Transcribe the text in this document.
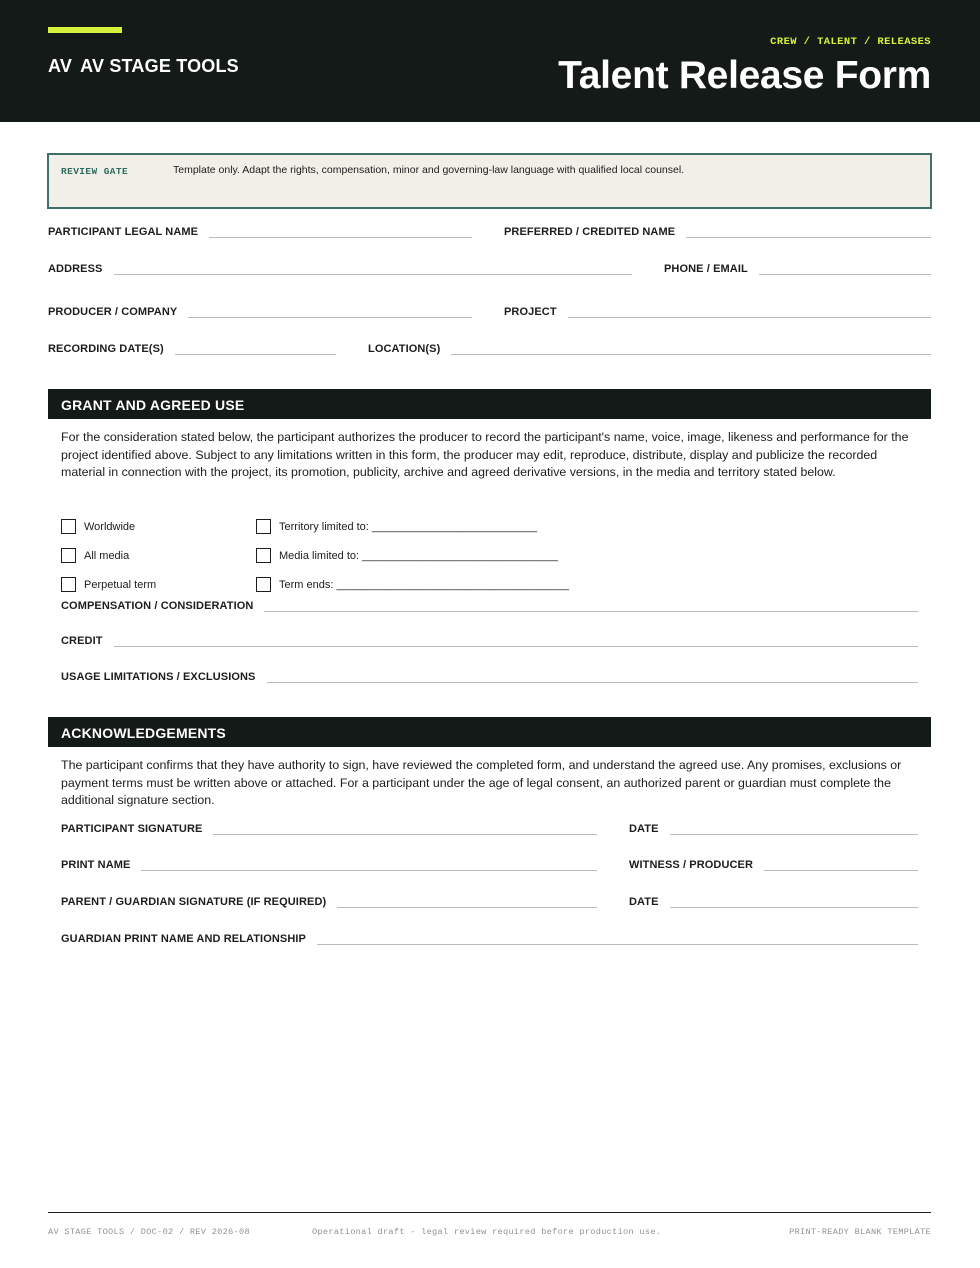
AV AV STAGE TOOLS
CREW / TALENT / RELEASES
Talent Release Form
REVIEW GATE	Template only. Adapt the rights, compensation, minor and governing-law language with qualified local counsel.
PARTICIPANT LEGAL NAME	PREFERRED / CREDITED NAME
ADDRESS	PHONE / EMAIL
PRODUCER / COMPANY	PROJECT
RECORDING DATE(S)	LOCATION(S)
GRANT AND AGREED USE
For the consideration stated below, the participant authorizes the producer to record the participant's name, voice, image, likeness and performance for the project identified above. Subject to any limitations written in this form, the producer may edit, reproduce, distribute, display and publicize the recorded material in connection with the project, its promotion, publicity, archive and agreed derivative versions, in the media and territory stated below.
Worldwide	Territory limited to: ___________________________
All media	Media limited to: ________________________________
Perpetual term	Term ends: ______________________________________
COMPENSATION / CONSIDERATION
CREDIT
USAGE LIMITATIONS / EXCLUSIONS
ACKNOWLEDGEMENTS
The participant confirms that they have authority to sign, have reviewed the completed form, and understand the agreed use. Any promises, exclusions or payment terms must be written above or attached. For a participant under the age of legal consent, an authorized parent or guardian must complete the additional signature section.
PARTICIPANT SIGNATURE	DATE
PRINT NAME	WITNESS / PRODUCER
PARENT / GUARDIAN SIGNATURE (IF REQUIRED)	DATE
GUARDIAN PRINT NAME AND RELATIONSHIP
AV STAGE TOOLS / DOC-02 / REV 2026-08	Operational draft - legal review required before production use.	PRINT-READY BLANK TEMPLATE
